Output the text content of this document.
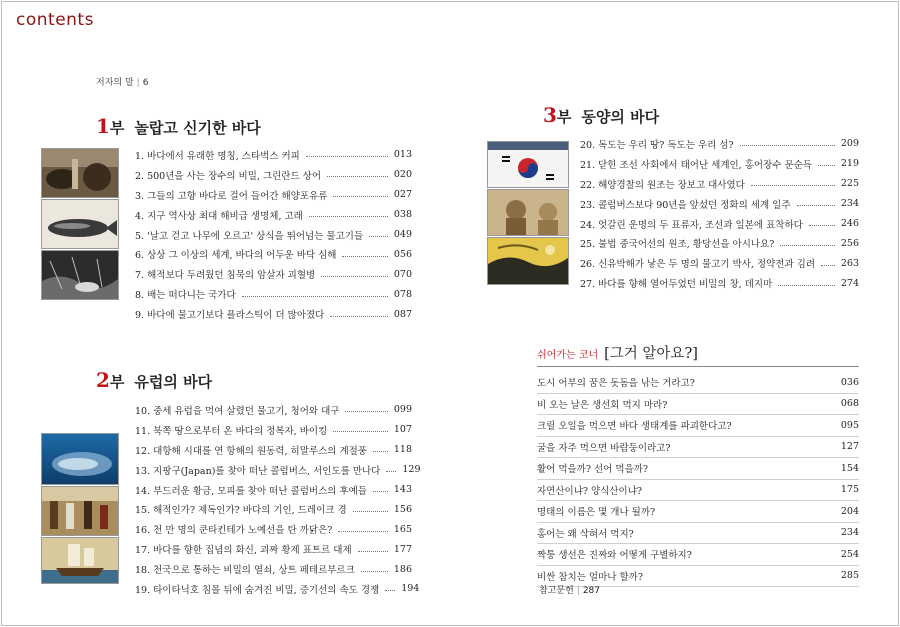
contents
저자의 말 | 6
1부 놀랍고 신기한 바다
1. 바다에서 유래한 명칭, 스타벅스 커피	013
2. 500년을 사는 장수의 비밀, 그린란드 상어	020
3. 그들의 고향 바다로 걸어 들어간 해양포유류	027
4. 지구 역사상 최대 해비급 생명체, 고래	038
5. '날고 걷고 나무에 오르고' 상식을 뛰어넘는 물고기들	049
6. 상상 그 이상의 세계, 바다의 어두운 바닥 심해	056
7. 해적보다 두려웠던 침묵의 암살자 괴혈병	070
8. 배는 떠다니는 국가다	078
9. 바다에 물고기보다 플라스틱이 더 많아졌다	087
2부 유럽의 바다
10. 중세 유럽을 먹여 살렸던 물고기, 청어와 대구	099
11. 북쪽 땅으로부터 온 바다의 정복자, 바이킹	107
12. 대항해 시대를 연 항해의 원동력, 히말루스의 계절풍	118
13. 지팡구(Japan)를 찾아 떠난 콜럼버스, 서인도를 만나다 129
14. 부드러운 황금, 모피를 찾아 떠난 콜럼버스의 후예들	143
15. 해적인가? 제독인가? 바다의 기인, 드레이크 경	156
16. 천 만 명의 쿤타킨테가 노예선을 탄 까닭은?	165
17. 바다를 향한 집념의 화신, 괴짜 황제 표트르 대제	177
18. 천국으로 통하는 비밀의 열쇠, 상트 페테르부르크	186
19. 타이타닉호 침몰 뒤에 숨겨진 비밀, 증기선의 속도 경쟁 194
3부 동양의 바다
20. 독도는 우리 땅? 독도는 우리 섬?	209
21. 닫힌 조선 사회에서 태어난 세계인, 홍어장수 문순득	219
22. 해양경찰의 원조는 장보고 대사였다	225
23. 콜럼버스보다 90년을 앞섰던 정화의 세계 일주	234
24. 엇갈린 운명의 두 표류자, 조선과 일본에 표착하다	246
25. 불법 중국어선의 원조, 황당선을 아시나요?	256
26. 신유박해가 낳은 두 명의 물고기 박사, 정약전과 김려	263
27. 바다를 향해 열어두었던 비밀의 창, 데지마	274
쉬어가는 코너 [그거 알아요?]
도시 어부의 꿈은 돗돔을 낚는 거라고?	036
비 오는 날은 생선회 먹지 마라?	068
크릴 오일을 먹으면 바다 생태계를 파괴한다고?	095
굴을 자주 먹으면 바람둥이라고?	127
활어 먹을까? 선어 먹을까?	154
자연산이냐? 양식산이냐?	175
명태의 이름은 몇 개나 될까?	204
홍어는 왜 삭혀서 먹지?	234
짝퉁 생선은 진짜와 어떻게 구별하지?	254
비싼 참치는 얼마나 할까?	285
참고문헌 | 287
